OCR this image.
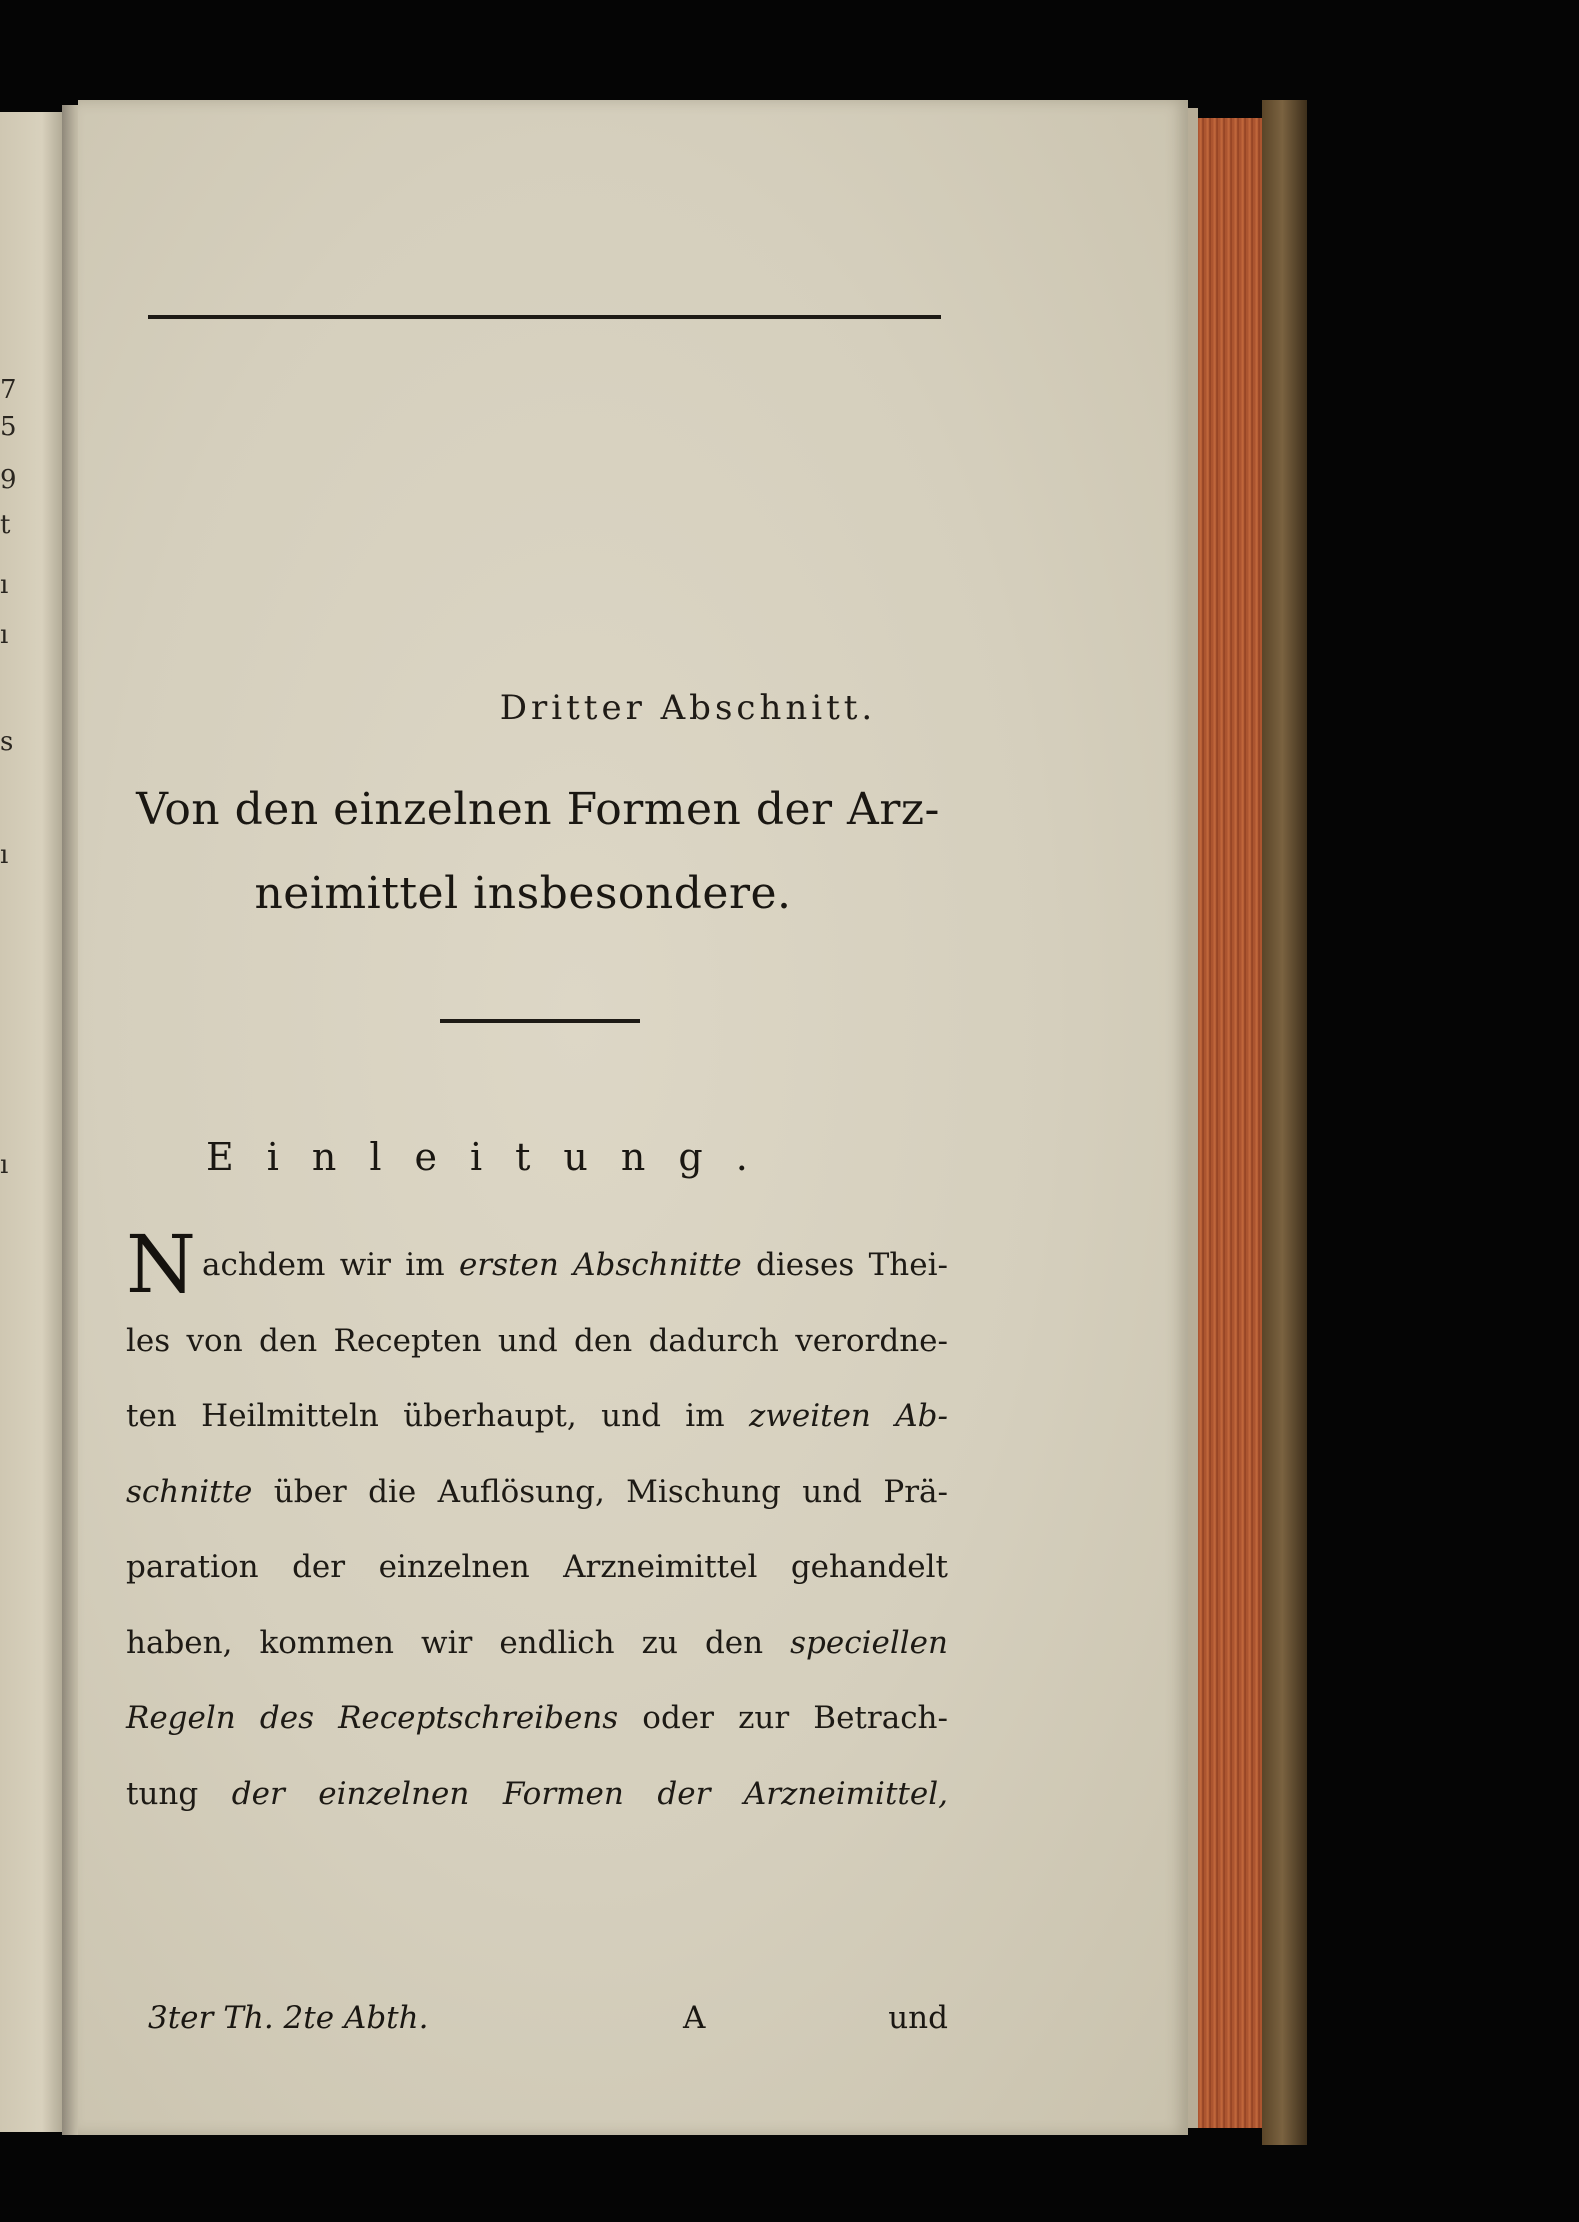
7
5
9
t
ı
ı
s
ı
ı
Dritter Abschnitt.
Von den einzelnen Formen der Arz-
neimittel insbesondere.
Einleitung.
N achdem wir im ersten Abschnitte dieses Thei-
les von den Recepten und den dadurch verordne-
ten Heilmitteln überhaupt, und im zweiten Ab-
schnitte über die Auflösung, Mischung und Prä-
paration der einzelnen Arzneimittel gehandelt
haben, kommen wir endlich zu den speciellen
Regeln des Receptschreibens oder zur Betrach-
tung der einzelnen Formen der Arzneimittel,
3ter Th. 2te Abth.	A	und
